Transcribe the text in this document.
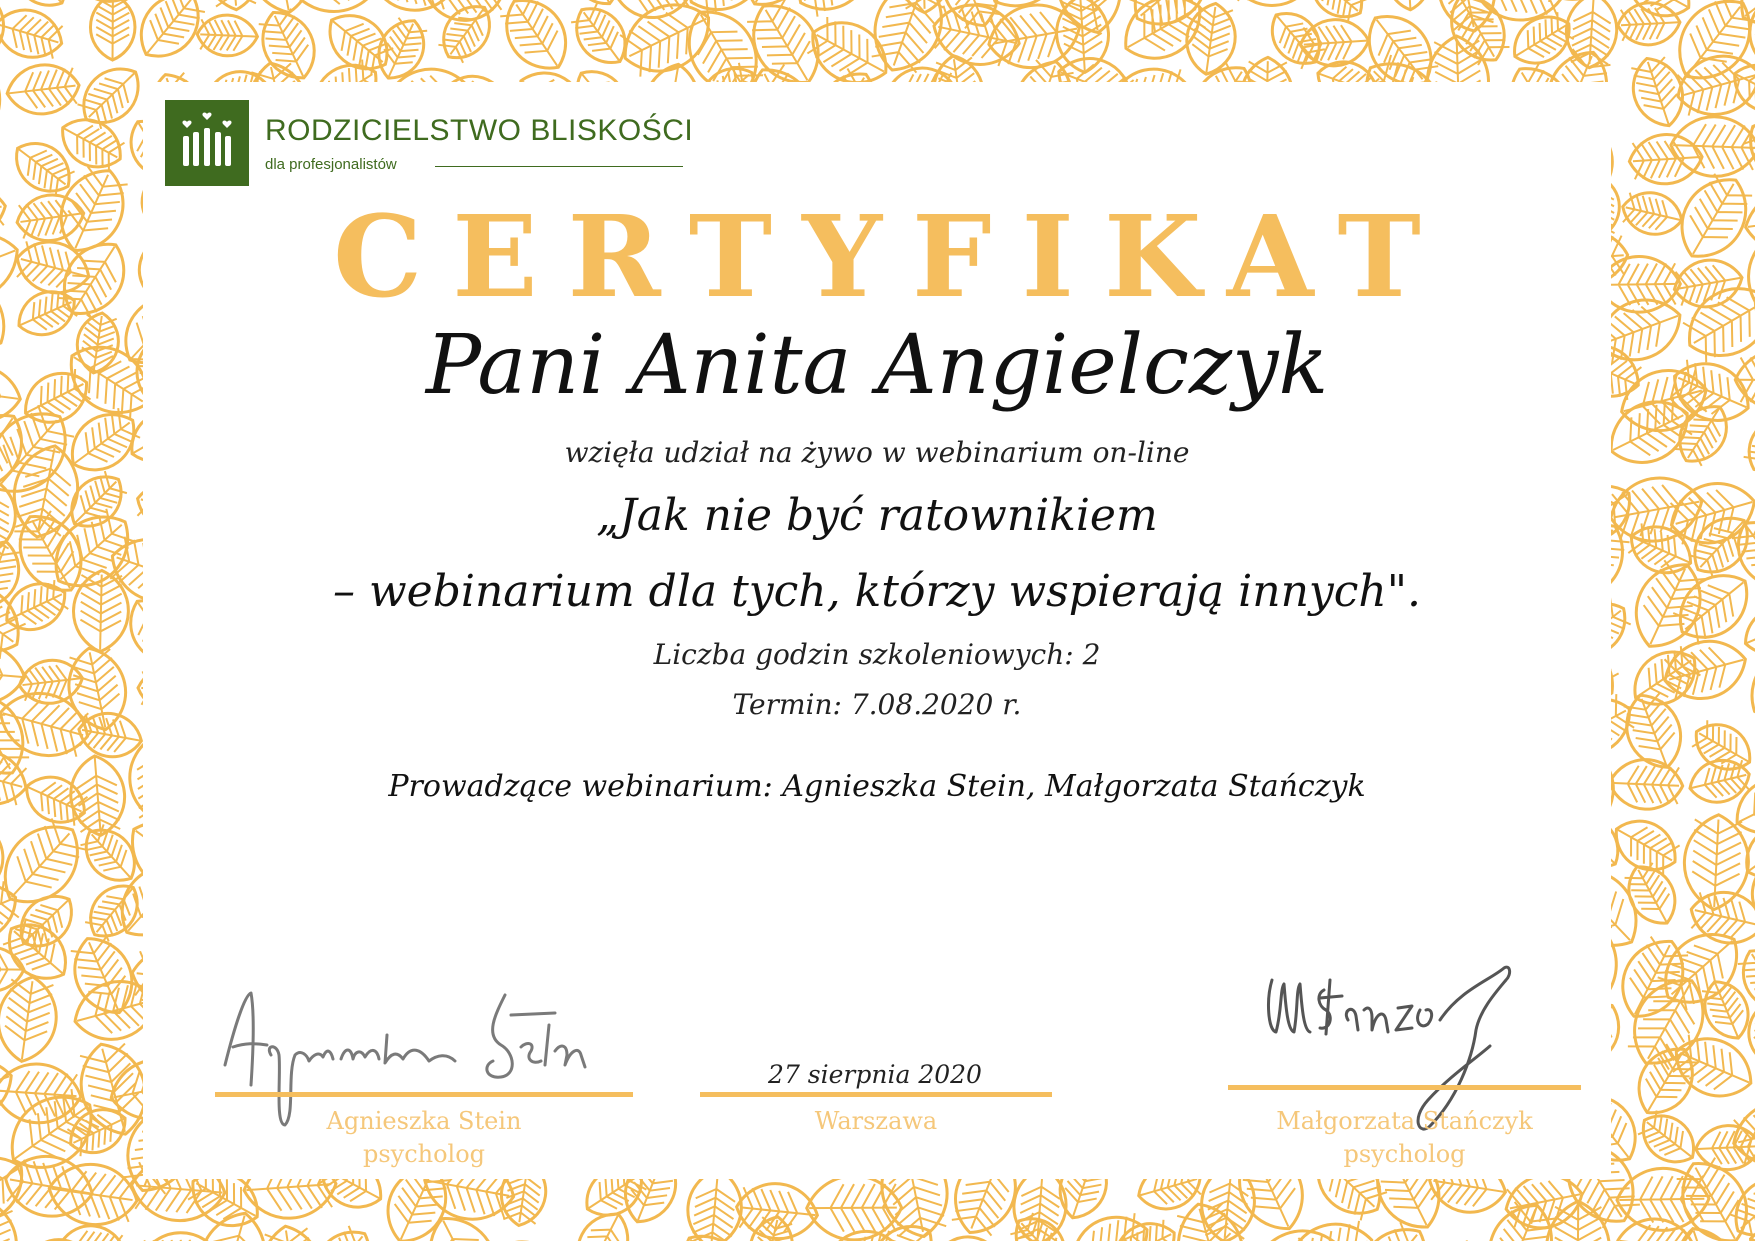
RODZICIELSTWO BLISKOŚCI
dla profesjonalistów
CERTYFIKAT
Pani Anita Angielczyk
wzięła udział na żywo w webinarium on-line
„Jak nie być ratownikiem
– webinarium dla tych, którzy wspierają innych".
Liczba godzin szkoleniowych: 2
Termin: 7.08.2020 r.
Prowadzące webinarium: Agnieszka Stein, Małgorzata Stańczyk
Agnieszka Stein
psycholog
27 sierpnia 2020
Warszawa	Małgorzata Stańczyk
psycholog
